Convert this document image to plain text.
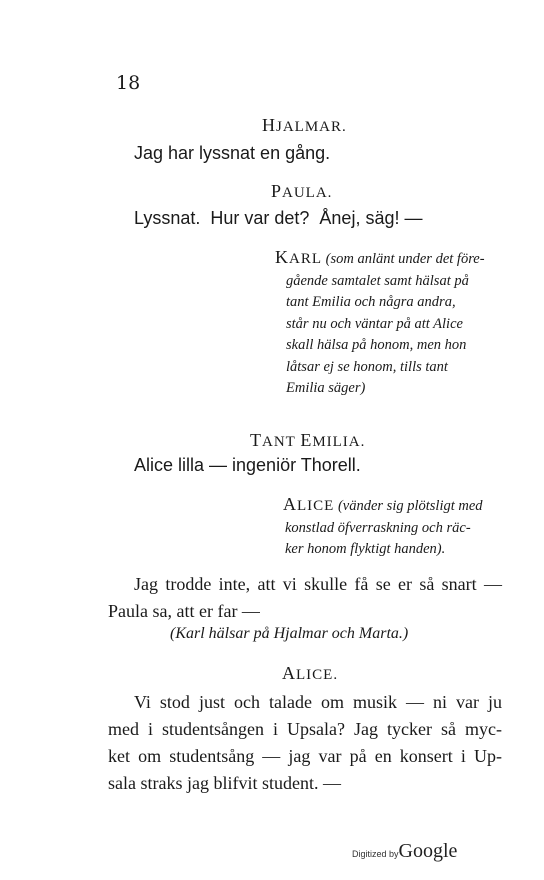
18
HJALMAR.
Jag har lyssnat en gång.
PAULA.
Lyssnat.  Hur var det?  Ånej, säg! —
KARL (som anlänt under det före-
gående samtalet samt hälsat på
tant Emilia och några andra,
står nu och väntar på att Alice
skall hälsa på honom, men hon
låtsar ej se honom, tills tant
Emilia säger)
TANT EMILIA.
Alice lilla — ingeniör Thorell.
ALICE (vänder sig plötsligt med
konstlad öfverraskning och räc-
ker honom flyktigt handen).
Jag trodde inte, att vi skulle få se er så snart —
Paula sa, att er far —
(Karl hälsar på Hjalmar och Marta.)
ALICE.
Vi stod just och talade om musik — ni var ju
med i studentsången i Upsala? Jag tycker så myc-
ket om studentsång — jag var på en konsert i Up-
sala straks jag blifvit student. —
Digitized byGoogle
